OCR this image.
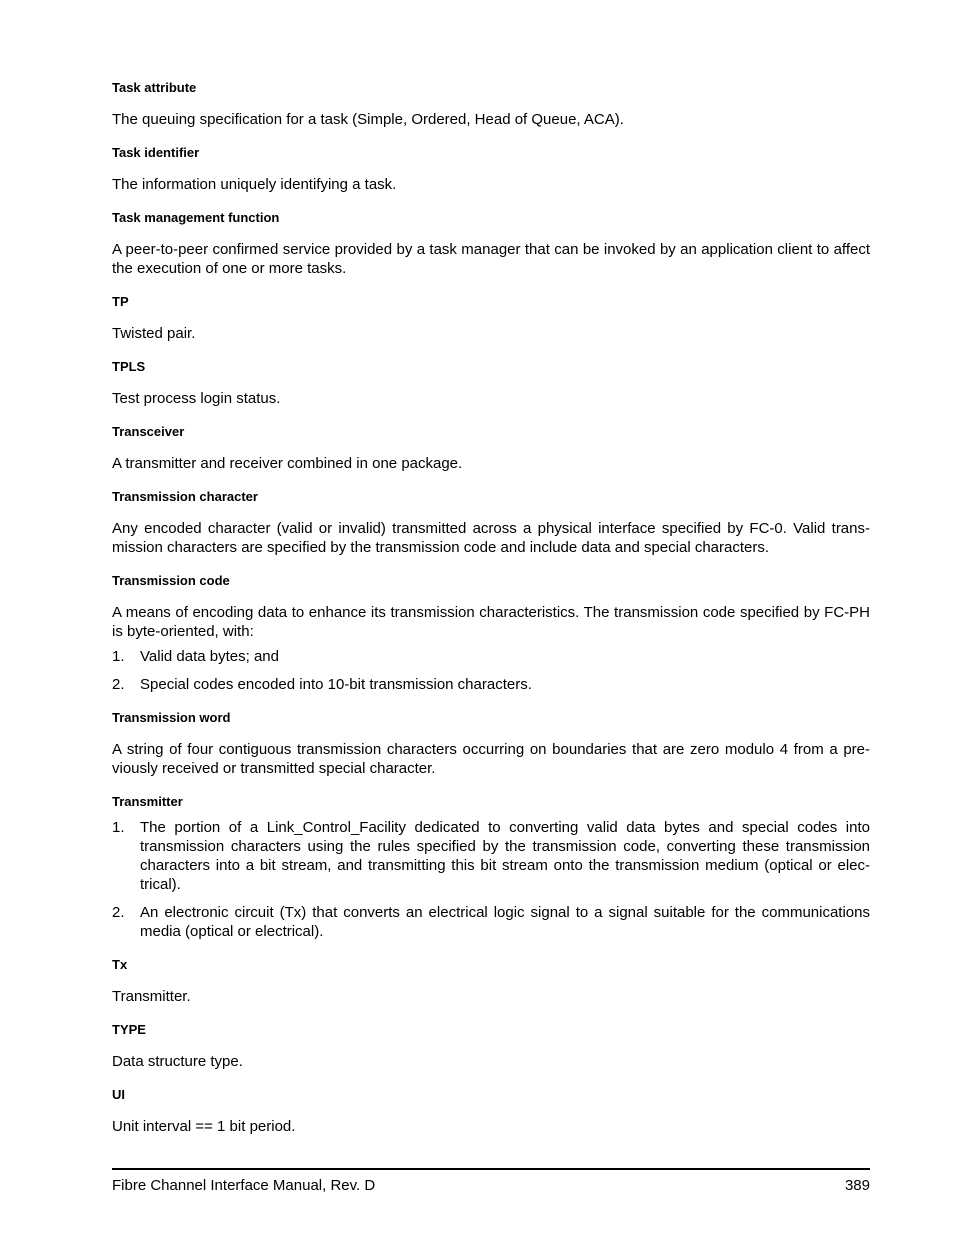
Task attribute
The queuing specification for a task (Simple, Ordered, Head of Queue, ACA).
Task identifier
The information uniquely identifying a task.
Task management function
A peer-to-peer confirmed service provided by a task manager that can be invoked by an application client to affect the execution of one or more tasks.
TP
Twisted pair.
TPLS
Test process login status.
Transceiver
A transmitter and receiver combined in one package.
Transmission character
Any encoded character (valid or invalid) transmitted across a physical interface specified by FC-0. Valid trans-mission characters are specified by the transmission code and include data and special characters.
Transmission code
A means of encoding data to enhance its transmission characteristics. The transmission code specified by FC-PH is byte-oriented, with:
1. Valid data bytes; and
2. Special codes encoded into 10-bit transmission characters.
Transmission word
A string of four contiguous transmission characters occurring on boundaries that are zero modulo 4 from a pre-viously received or transmitted special character.
Transmitter
1. The portion of a Link_Control_Facility dedicated to converting valid data bytes and special codes into transmission characters using the rules specified by the transmission code, converting these transmission characters into a bit stream, and transmitting this bit stream onto the transmission medium (optical or elec-trical).
2. An electronic circuit (Tx) that converts an electrical logic signal to a signal suitable for the communications media (optical or electrical).
Tx
Transmitter.
TYPE
Data structure type.
UI
Unit interval == 1 bit period.
Fibre Channel Interface Manual, Rev. D	389
